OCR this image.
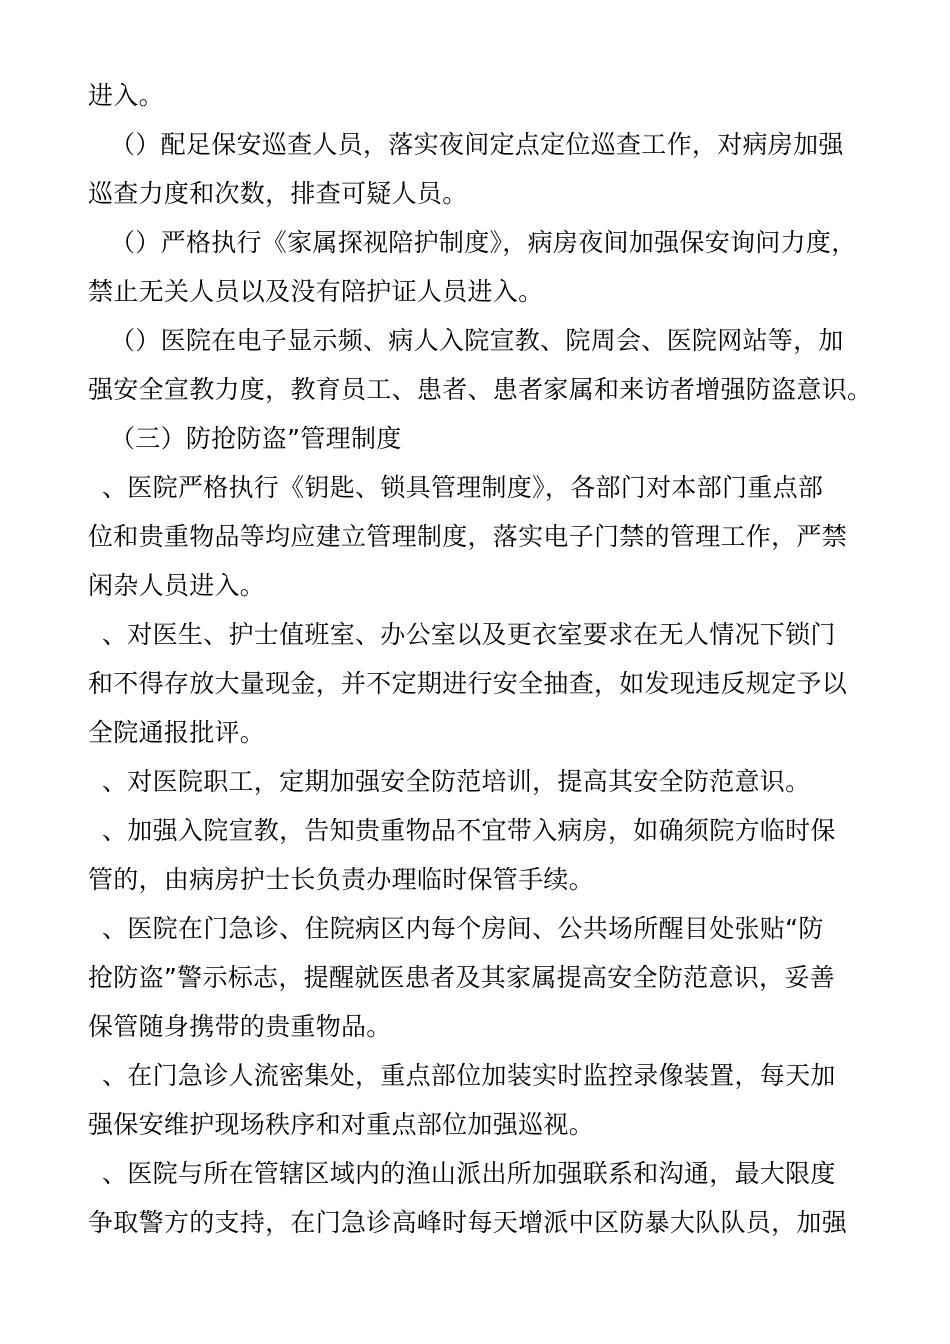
进入。
（）配足保安巡查人员，落实夜间定点定位巡查工作，对病房加强
巡查力度和次数，排查可疑人员。
（）严格执行《家属探视陪护制度》，病房夜间加强保安询问力度，
禁止无关人员以及没有陪护证人员进入。
（）医院在电子显示频、病人入院宣教、院周会、医院网站等，加
强安全宣教力度，教育员工、患者、患者家属和来访者增强防盗意识。
（三）防抢防盗”管理制度
、医院严格执行《钥匙、锁具管理制度》，各部门对本部门重点部
位和贵重物品等均应建立管理制度，落实电子门禁的管理工作，严禁
闲杂人员进入。
、对医生、护士值班室、办公室以及更衣室要求在无人情况下锁门
和不得存放大量现金，并不定期进行安全抽查，如发现违反规定予以
全院通报批评。
、对医院职工，定期加强安全防范培训，提高其安全防范意识。
、加强入院宣教，告知贵重物品不宜带入病房，如确须院方临时保
管的，由病房护士长负责办理临时保管手续。
、医院在门急诊、住院病区内每个房间、公共场所醒目处张贴“防
抢防盗”警示标志，提醒就医患者及其家属提高安全防范意识，妥善
保管随身携带的贵重物品。
、在门急诊人流密集处，重点部位加装实时监控录像装置，每天加
强保安维护现场秩序和对重点部位加强巡视。
、医院与所在管辖区域内的渔山派出所加强联系和沟通，最大限度
争取警方的支持，在门急诊高峰时每天增派中区防暴大队队员，加强
